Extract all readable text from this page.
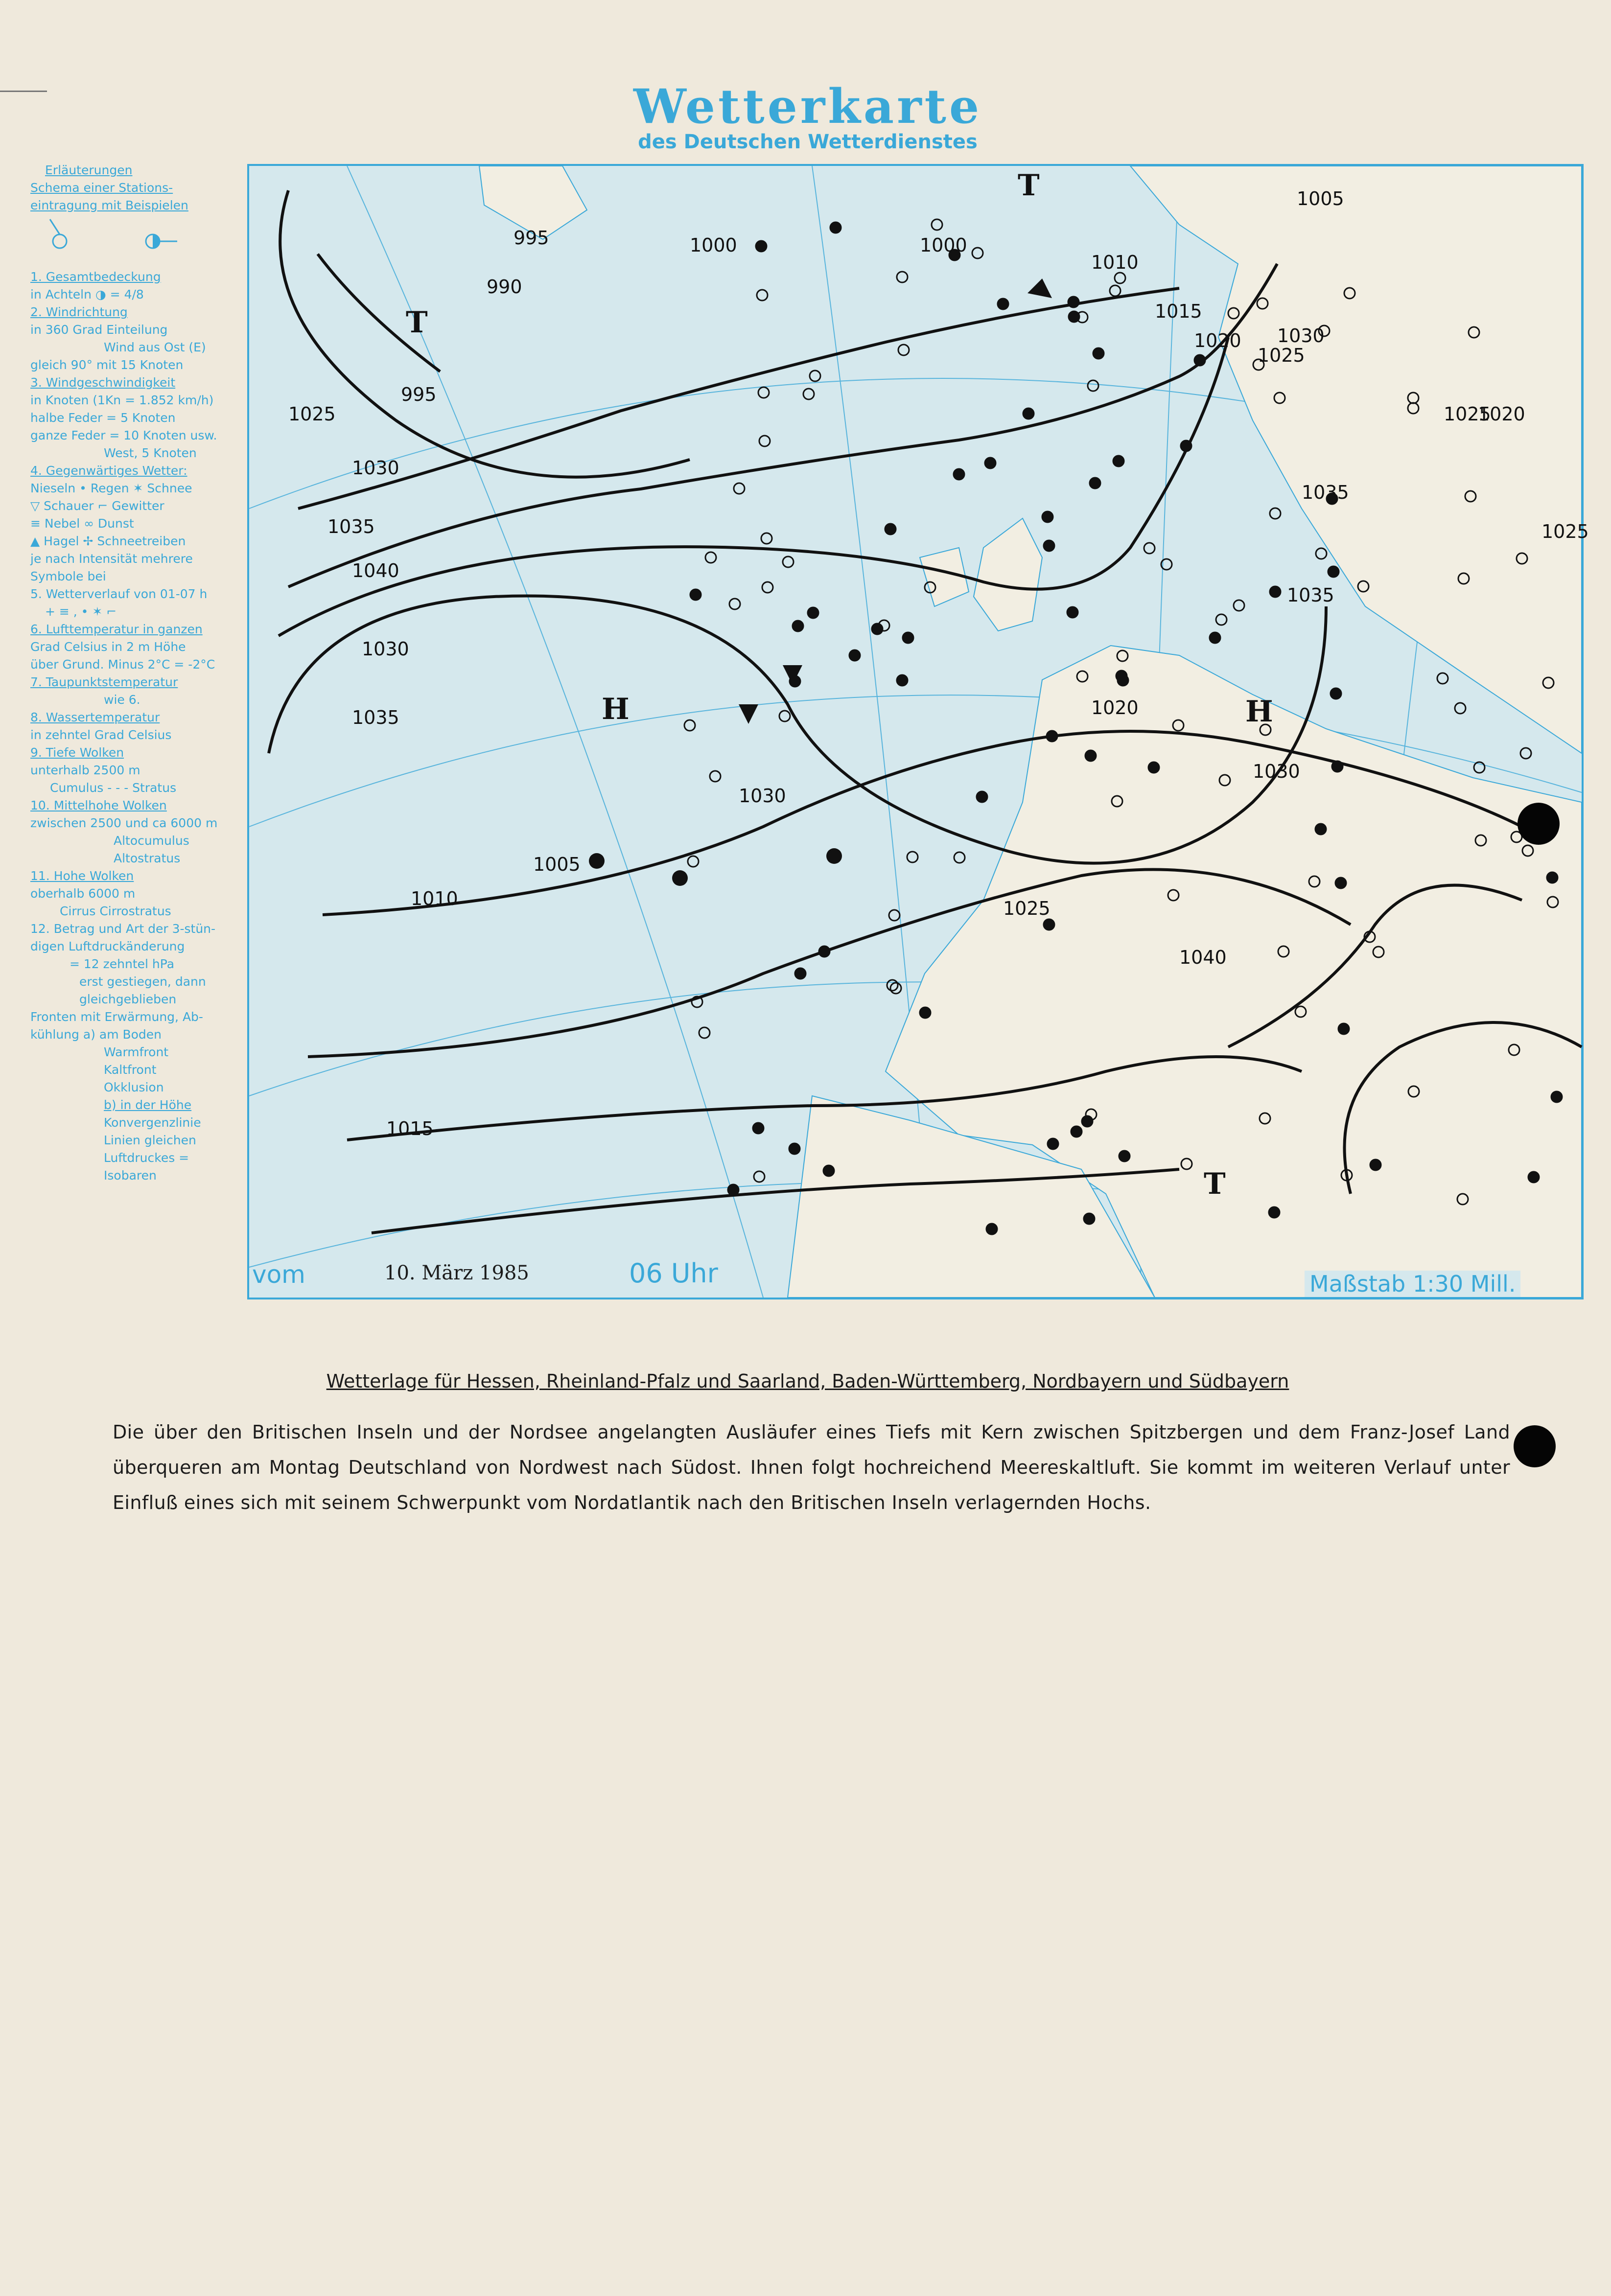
Wetterkarte
des Deutschen Wetterdienstes
Erläuterungen
Schema einer Stations-
eintragung mit Beispielen
1. Gesamtbedeckung
in Achteln ◑ = 4/8
2. Windrichtung
in 360 Grad Einteilung
Wind aus Ost (E)
gleich 90° mit 15 Knoten
3. Windgeschwindigkeit
in Knoten (1Kn = 1.852 km/h)
halbe Feder = 5 Knoten
ganze Feder = 10 Knoten usw.
West, 5 Knoten
4. Gegenwärtiges Wetter:
Nieseln • Regen ✶ Schnee
▽ Schauer ⌐ Gewitter
≡ Nebel ∞ Dunst
▲ Hagel ✢ Schneetreiben
je nach Intensität mehrere
Symbole bei
5. Wetterverlauf von 01-07 h
+ ≡ , • ✶ ⌐
6. Lufttemperatur in ganzen
Grad Celsius in 2 m Höhe
über Grund. Minus 2°C = -2°C
7. Taupunktstemperatur
wie 6.
8. Wassertemperatur
in zehntel Grad Celsius
9. Tiefe Wolken
unterhalb 2500 m
Cumulus - - - Stratus
10. Mittelhohe Wolken
zwischen 2500 und ca 6000 m
Altocumulus
Altostratus
11. Hohe Wolken
oberhalb 6000 m
Cirrus Cirrostratus
12. Betrag und Art der 3-stün-
digen Luftdruckänderung
= 12 zehntel hPa
erst gestiegen, dann
gleichgeblieben
Fronten mit Erwärmung, Ab-
kühlung a) am Boden
Warmfront
Kaltfront
Okklusion
b) in der Höhe
Konvergenzlinie
Linien gleichen
Luftdruckes =
Isobaren
995
990
995
1000	1000
1005
1010
1015
1020
1025
1030
1035
1035
1030
1025
1005
1010
1015
1020
1025
1030
1035
1040
1030
1035
1030
1025
1020
1025
1040
T
T
H	H
T
vom	10. März 1985	06 Uhr	Maßstab 1:30 Mill.
Wetterlage für Hessen, Rheinland-Pfalz und Saarland, Baden-Württemberg, Nordbayern und Südbayern
Die über den Britischen Inseln und der Nordsee angelangten Ausläufer eines Tiefs mit Kern zwischen Spitzbergen und dem Franz-Josef Land überqueren am Montag Deutschland von Nordwest nach Südost. Ihnen folgt hochreichend Meereskaltluft. Sie kommt im weiteren Verlauf unter Einfluß eines sich mit seinem Schwerpunkt vom Nordatlantik nach den Britischen Inseln verlagernden Hochs.
